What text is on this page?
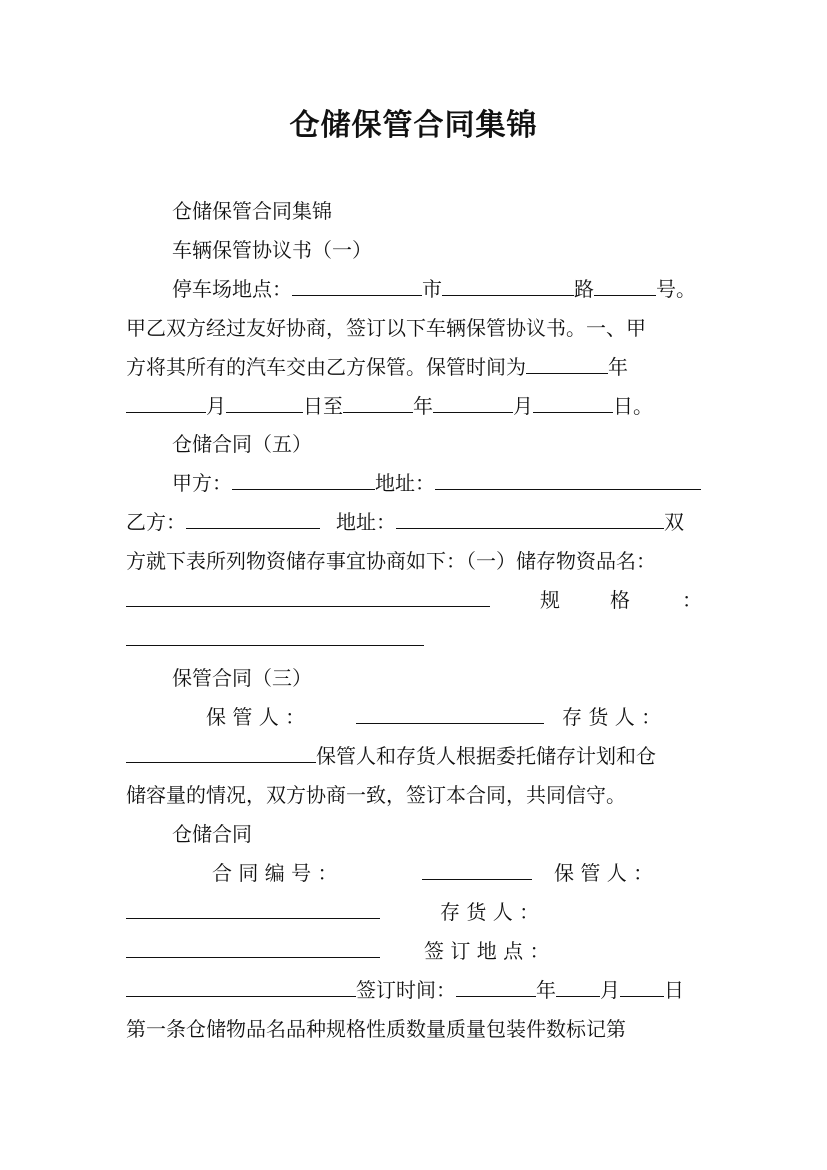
仓储保管合同集锦
仓储保管合同集锦
车辆保管协议书（一）
停车场地点：	市	路	号。
甲乙双方经过友好协商，签订以下车辆保管协议书。一、甲
方将其所有的汽车交由乙方保管。保管时间为	年
月	日至	年	月	日。
仓储合同（五）
甲方：	地址：
乙方：	地址：	双
方就下表所列物资储存事宜协商如下：（一）储存物资品名：
规	格	：
保管合同（三）
保 管 人 ：	存 货 人 ：
保管人和存货人根据委托储存计划和仓
储容量的情况，双方协商一致，签订本合同，共同信守。
仓储合同
合 同 编 号 ：	保 管 人 ：
存 货 人 ：
签 订 地 点 ：
签订时间：	年 月 日
第一条仓储物品名品种规格性质数量质量包装件数标记第
